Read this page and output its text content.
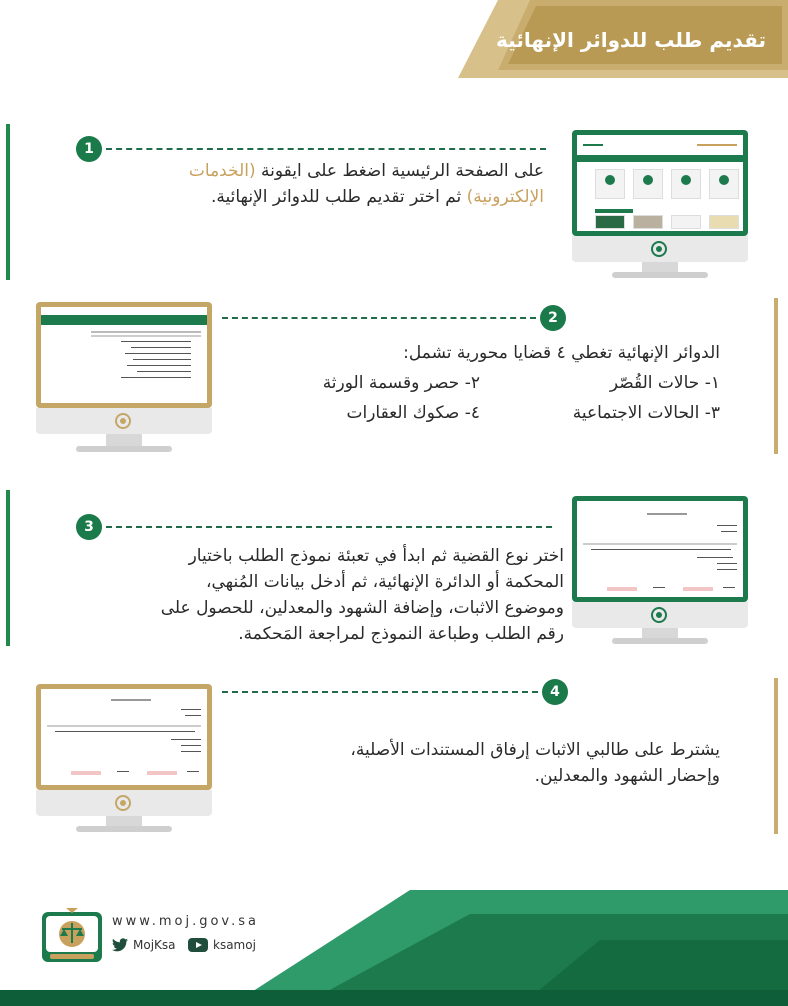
تقديم طلب للدوائر الإنهائية
1
على الصفحة الرئيسية اضغط على ايقونة (الخدمات
الإلكترونية) ثم اختر تقديم طلب للدوائر الإنهائية.
2
الدوائر الإنهائية تغطي ٤ قضايا محورية تشمل:
١- حالات القُصّر
٢- حصر وقسمة الورثة
٣- الحالات الاجتماعية
٤- صكوك العقارات
3
اختر نوع القضية ثم ابدأ في تعبئة نموذج الطلب باختيار
المحكمة أو الدائرة الإنهائية، ثم أدخل بيانات المُنهي،
وموضوع الاثبات، وإضافة الشهود والمعدلين، للحصول على
رقم الطلب وطباعة النموذج لمراجعة المَحكمة.
4
يشترط على طالبي الاثبات إرفاق المستندات الأصلية،
وإحضار الشهود والمعدلين.
www.moj.gov.sa
MojKsa	ksamoj
